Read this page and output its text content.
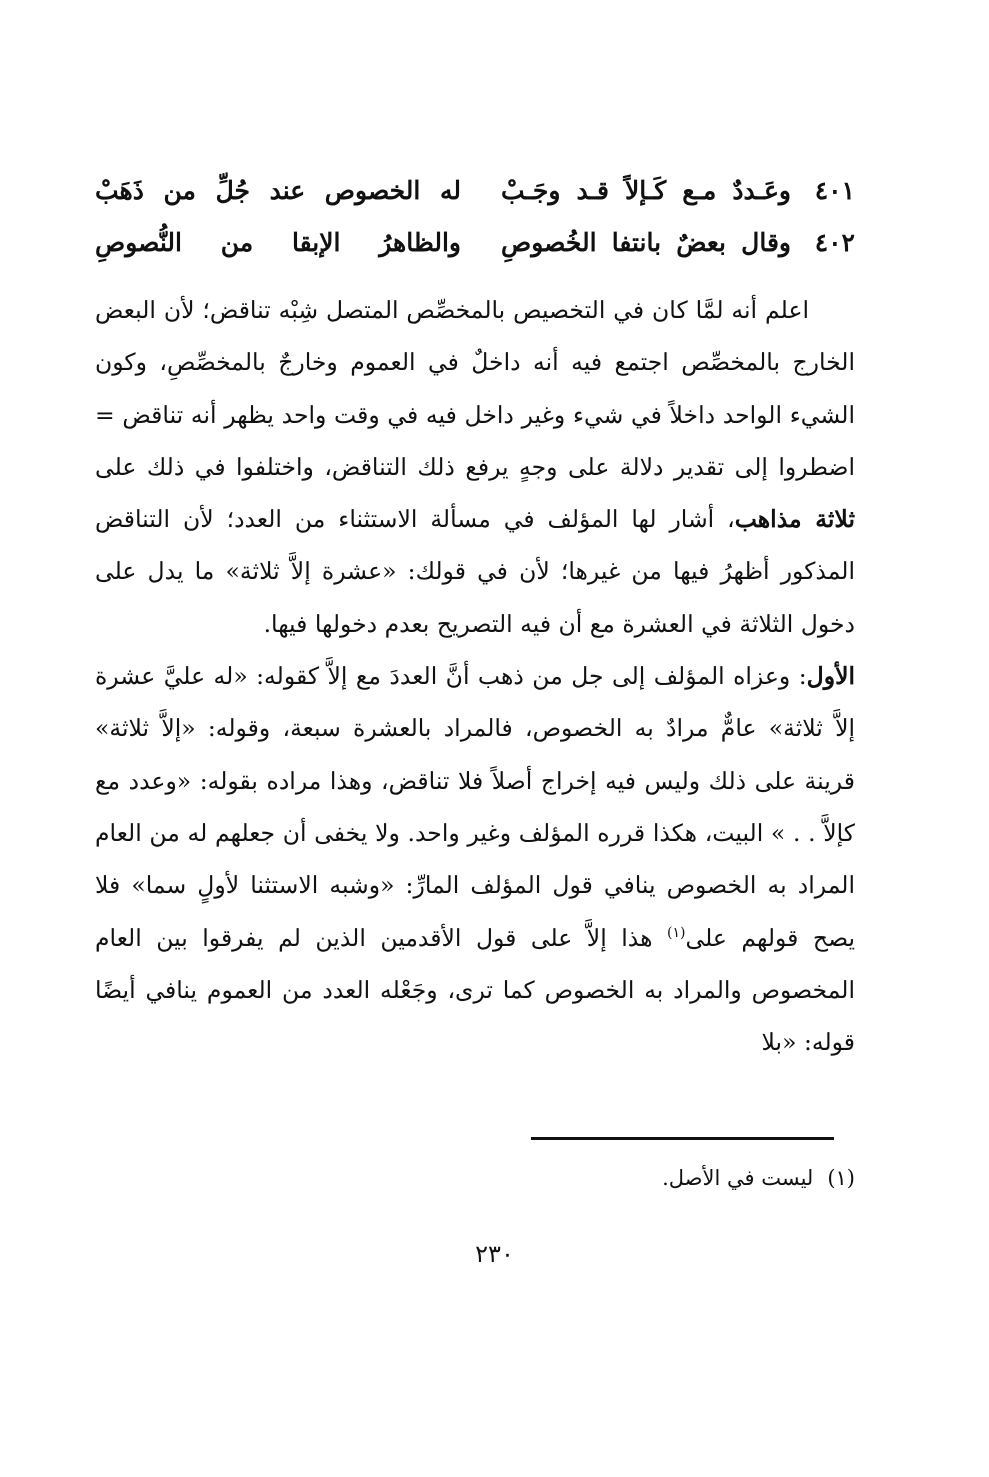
٤٠١
وعَـددٌ مـع كَـإلاً قـد وجَـبْ
له الخصوص عند جُلِّ من ذَهَبْ
٤٠٢
وقال بعضٌ بانتفا الخُصوصِ
والظاهرُ الإبقا من النُّصوصِ

اعلم أنه لمَّا كان في التخصيص بالمخصِّص المتصل شِبْه تناقض؛ لأن البعض الخارج بالمخصِّص اجتمع فيه أنه داخلٌ في العموم وخارجٌ بالمخصِّصِ، وكون الشيء الواحد داخلاً في شيء وغير داخل فيه في وقت واحد يظهر أنه تناقض = اضطروا إلى تقدير دلالة على وجهٍ يرفع ذلك التناقض، واختلفوا في ذلك على ثلاثة مذاهب، أشار لها المؤلف في مسألة الاستثناء من العدد؛ لأن التناقض المذكور أظهرُ فيها من غيرها؛ لأن في قولك: «عشرة إلاَّ ثلاثة» ما يدل على دخول الثلاثة في العشرة مع أن فيه التصريح بعدم دخولها فيها.

الأول: وعزاه المؤلف إلى جل من ذهب أنَّ العددَ مع إلاَّ كقوله: «له عليَّ عشرة إلاَّ ثلاثة» عامٌّ مرادٌ به الخصوص، فالمراد بالعشرة سبعة، وقوله: «إلاَّ ثلاثة» قرينة على ذلك وليس فيه إخراج أصلاً فلا تناقض، وهذا مراده بقوله: «وعدد مع كإلاَّ . . » البيت، هكذا قرره المؤلف وغير واحد. ولا يخفى أن جعلهم له من العام المراد به الخصوص ينافي قول المؤلف المارِّ: «وشبه الاستثنا لأولٍ سما» فلا يصح قولهم على$^{(١)}$ هذا إلاَّ على قول الأقدمين الذين لم يفرقوا بين العام المخصوص والمراد به الخصوص كما ترى، وجَعْله العدد من العموم ينافي أيضًا قوله: «بلا

(١)ليست في الأصل.
٢٣٠
